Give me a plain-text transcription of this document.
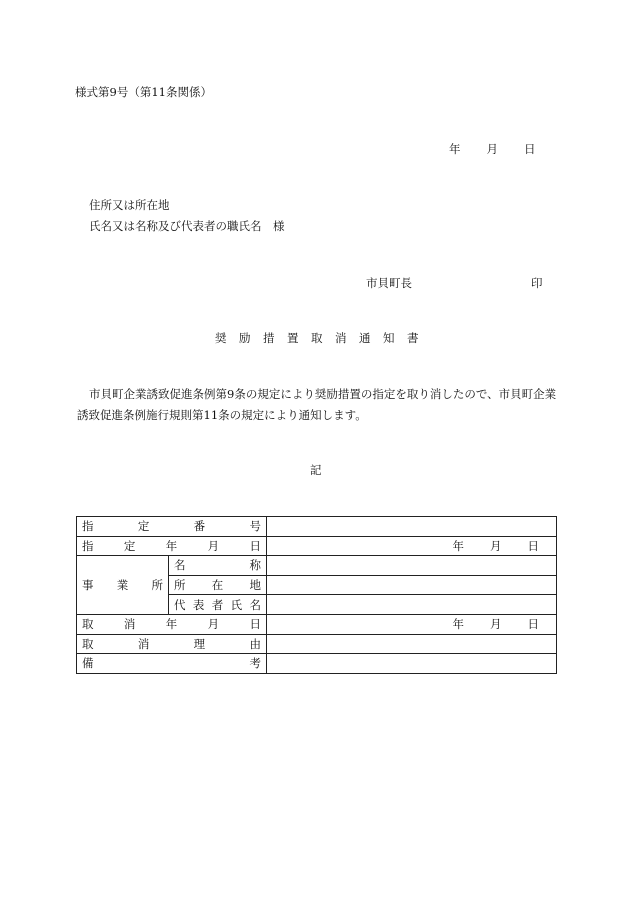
様式第9号（第11条関係）
年 月 日
住所又は所在地
氏名又は名称及び代表者の職氏名　様
市貝町長	印
奨 励 措 置 取 消 通 知 書
市貝町企業誘致促進条例第9条の規定により奨励措置の指定を取り消したので、市貝町企業誘致促進条例施行規則第11条の規定により通知します。
記
指 定 番 号		

指 定 年 月 日		年 月 日

事 業 所	名 称	

	所 在 地	

	代 表 者 氏 名	

取 消 年 月 日		年 月 日

取 消 理 由		

備 考		
